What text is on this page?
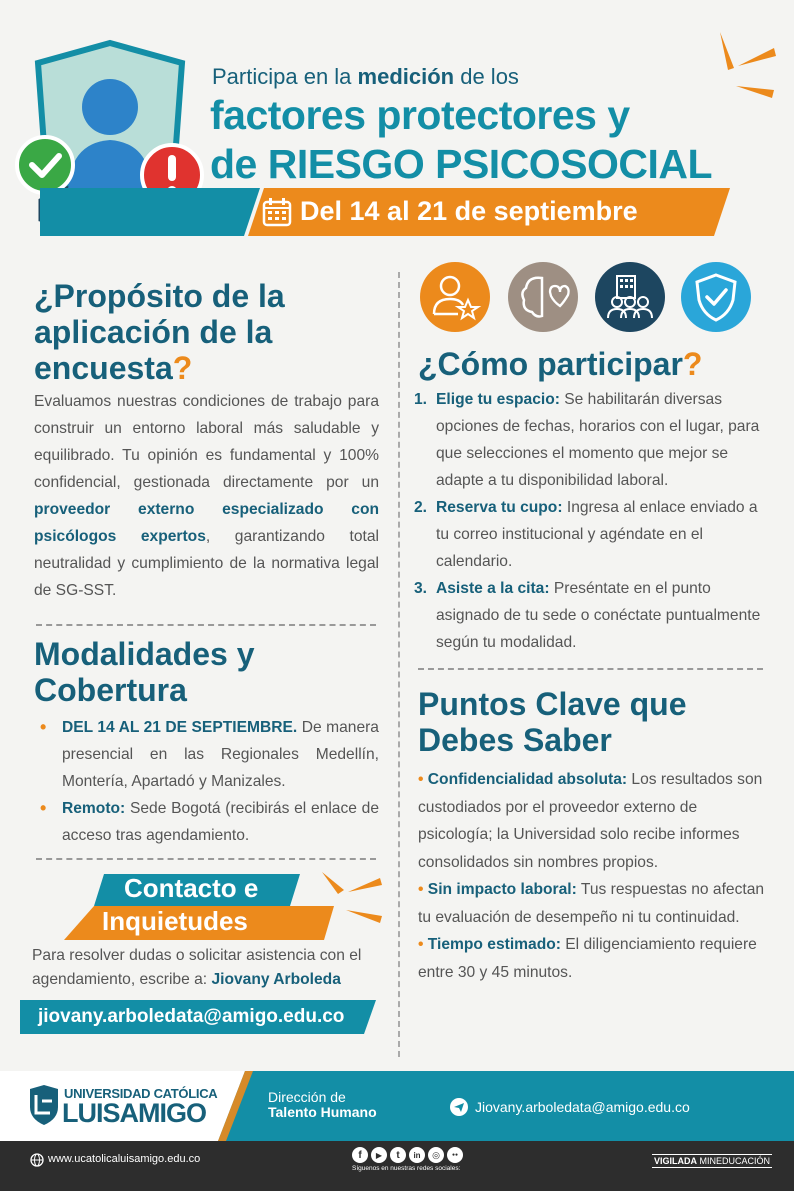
Participa en la medición de los
factores protectores y
de RIESGO PSICOSOCIAL
Del 14 al 21 de septiembre
¿Propósito de la
aplicación de la
encuesta?
Evaluamos nuestras condiciones de trabajo para construir un entorno laboral más saludable y equilibrado. Tu opinión es fundamental y 100% confidencial, gestionada directamente por un proveedor externo especializado con psicólogos expertos, garantizando total neutralidad y cumplimiento de la normativa legal de SG-SST.
Modalidades y
Cobertura
• DEL 14 AL 21 DE SEPTIEMBRE. De manera presencial en las Regionales Medellín, Montería, Apartadó y Manizales.
• Remoto: Sede Bogotá (recibirás el enlace de acceso tras agendamiento.
Contacto e
Inquietudes
Para resolver dudas o solicitar asistencia con el agendamiento, escribe a: Jiovany Arboleda
jiovany.arboledata@amigo.edu.co
¿Cómo participar?
1. Elige tu espacio: Se habilitarán diversas opciones de fechas, horarios con el lugar, para que selecciones el momento que mejor se adapte a tu disponibilidad laboral.
2. Reserva tu cupo: Ingresa al enlace enviado a tu correo institucional y agéndate en el calendario.
3. Asiste a la cita: Preséntate en el punto asignado de tu sede o conéctate puntualmente según tu modalidad.
Puntos Clave que
Debes Saber

• Confidencialidad absoluta: Los resultados son custodiados por el proveedor externo de psicología; la Universidad solo recibe informes consolidados sin nombres propios.

• Sin impacto laboral: Tus respuestas no afectan tu evaluación de desempeño ni tu continuidad.

• Tiempo estimado: El diligenciamiento requiere entre 30 y 45 minutos.

UNIVERSIDAD CATÓLICA
LUISAMIGO
Dirección de
Talento Humano	Jiovany.arboledata@amigo.edu.co
www.ucatolicaluisamigo.edu.co	f	▶	t	in	◎	●●
Síguenos en nuestras redes sociales:
VIGILADA MINEDUCACIÓN
